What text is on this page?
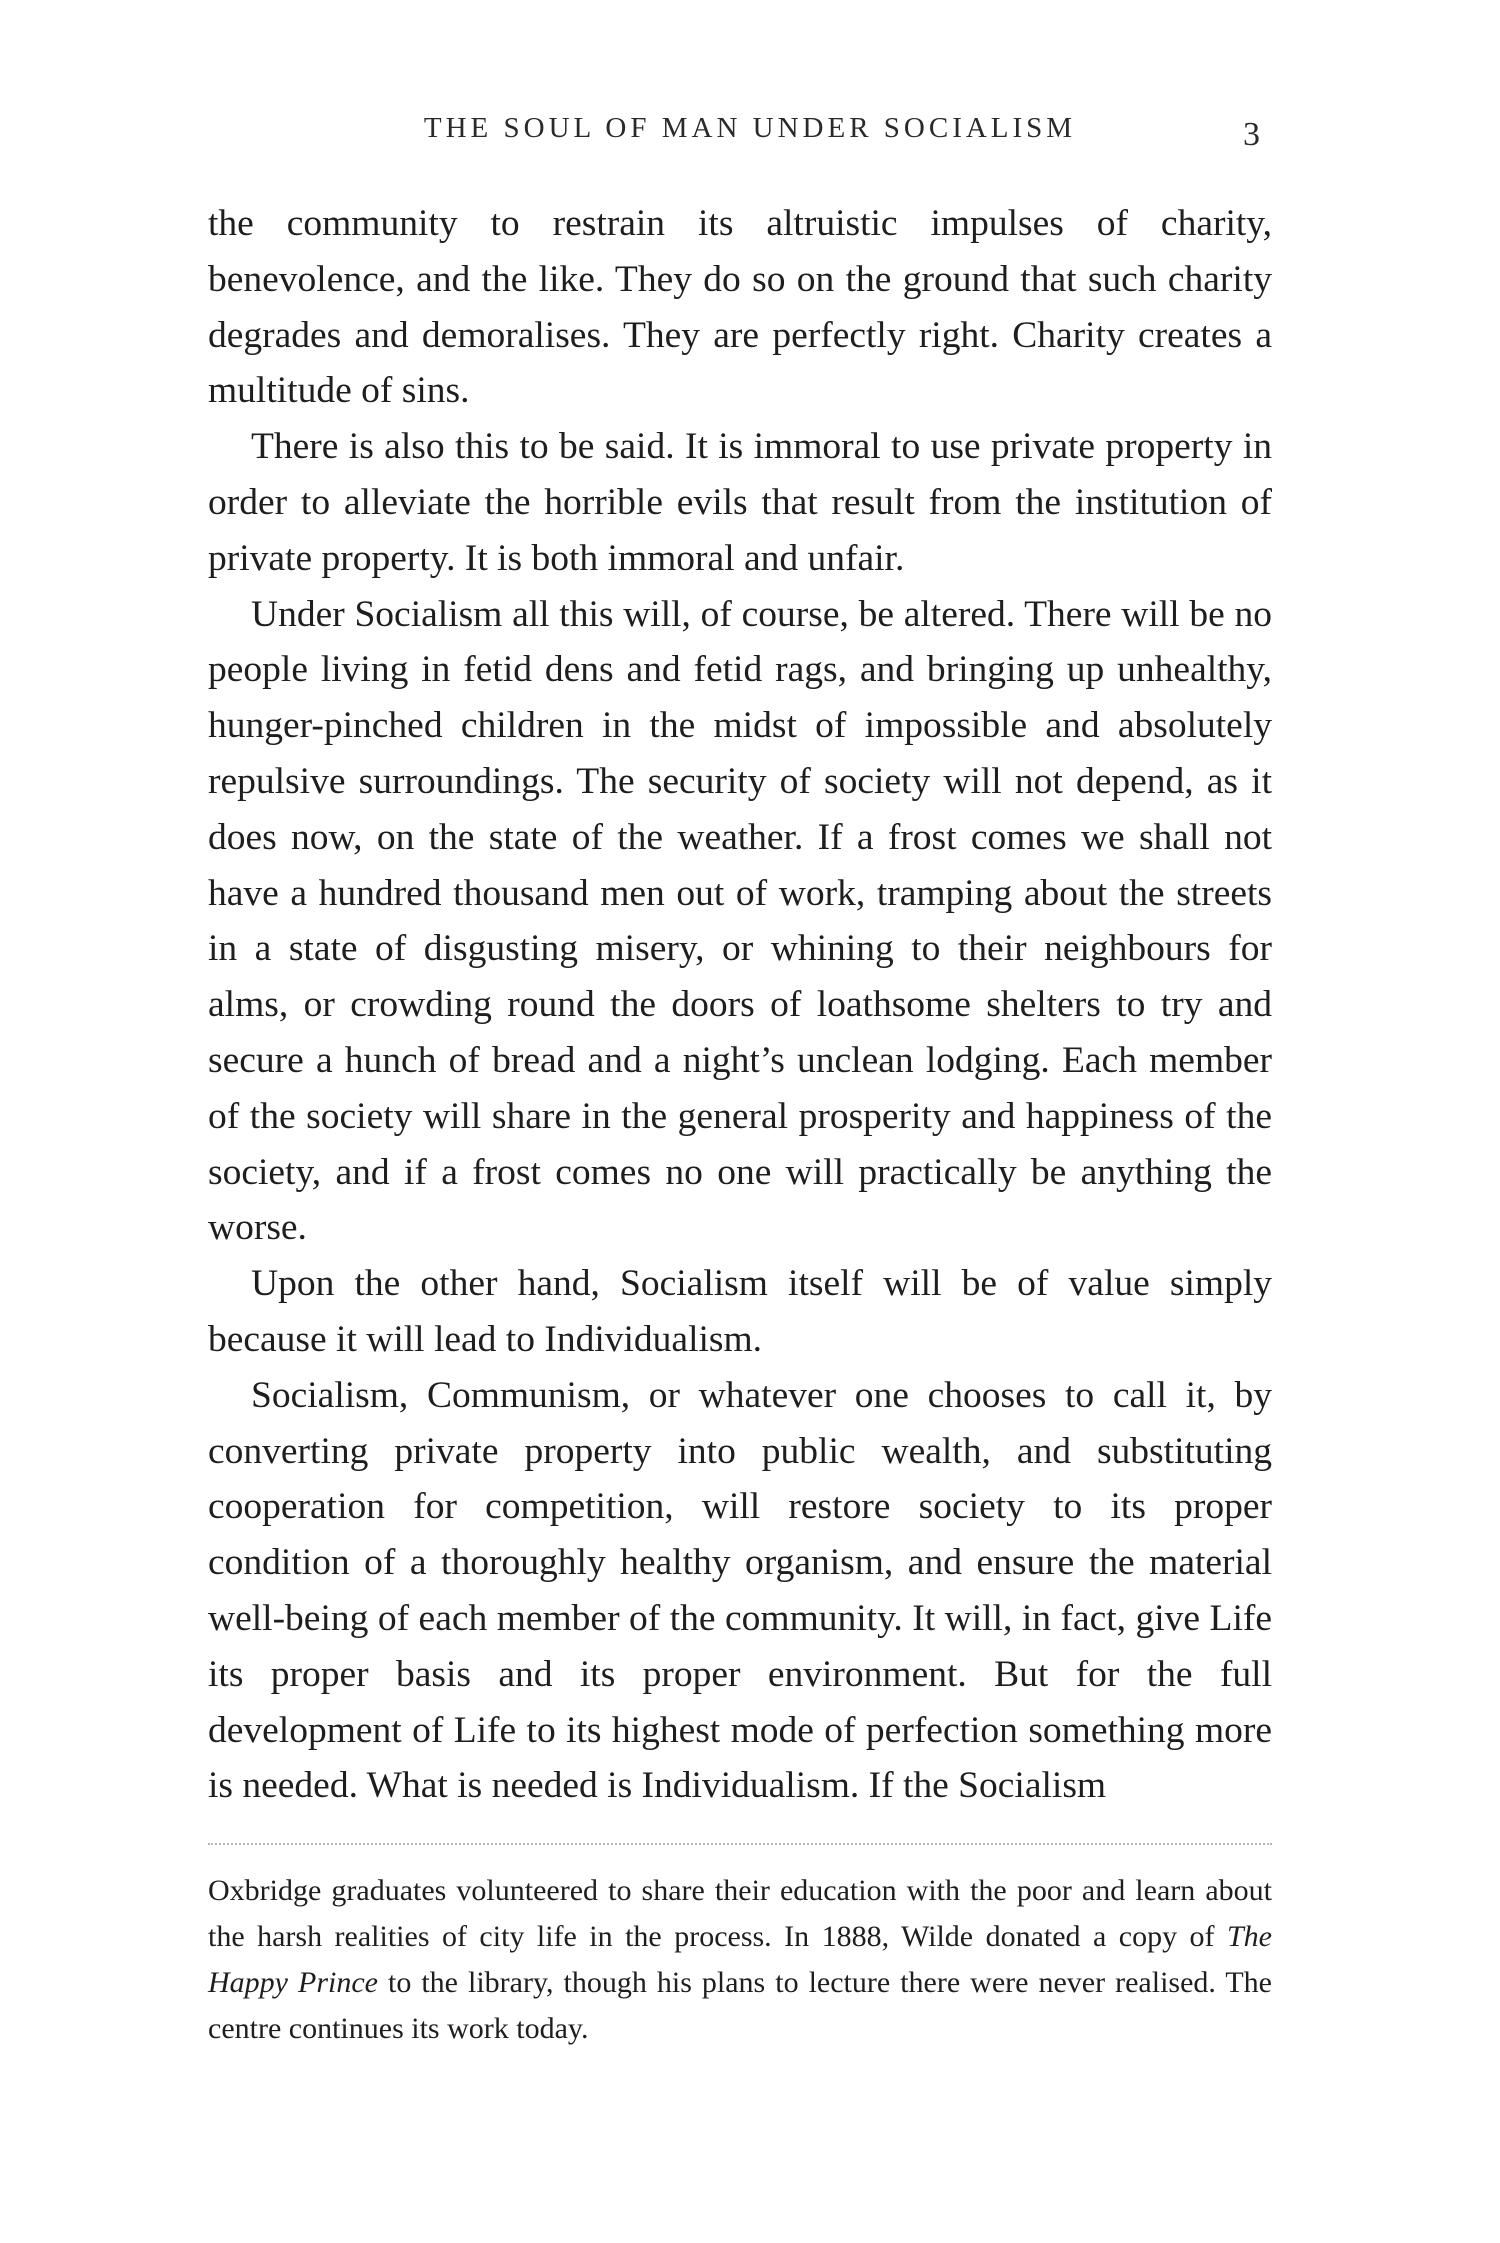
THE SOUL OF MAN UNDER SOCIALISM	3

the community to restrain its altruistic impulses of charity, benevolence, and the like. They do so on the ground that such charity degrades and demoralises. They are perfectly right. Charity creates a multitude of sins.

There is also this to be said. It is immoral to use private property in order to alleviate the horrible evils that result from the institution of private property. It is both immoral and unfair.

Under Socialism all this will, of course, be altered. There will be no people living in fetid dens and fetid rags, and bringing up unhealthy, hunger-pinched children in the midst of impossible and absolutely repulsive surroundings. The security of society will not depend, as it does now, on the state of the weather. If a frost comes we shall not have a hundred thousand men out of work, tramping about the streets in a state of disgusting misery, or whining to their neighbours for alms, or crowding round the doors of loathsome shelters to try and secure a hunch of bread and a night’s unclean lodging. Each member of the society will share in the general prosperity and happiness of the society, and if a frost comes no one will practically be anything the worse.

Upon the other hand, Socialism itself will be of value simply because it will lead to Individualism.

Socialism, Communism, or whatever one chooses to call it, by converting private property into public wealth, and substituting cooperation for competition, will restore society to its proper condition of a thoroughly healthy organism, and ensure the material well-being of each member of the community. It will, in fact, give Life its proper basis and its proper environment. But for the full development of Life to its highest mode of perfection something more is needed. What is needed is Individualism. If the Socialism

Oxbridge graduates volunteered to share their education with the poor and learn about the harsh realities of city life in the process. In 1888, Wilde donated a copy of The Happy Prince to the library, though his plans to lecture there were never realised. The centre continues its work today.
